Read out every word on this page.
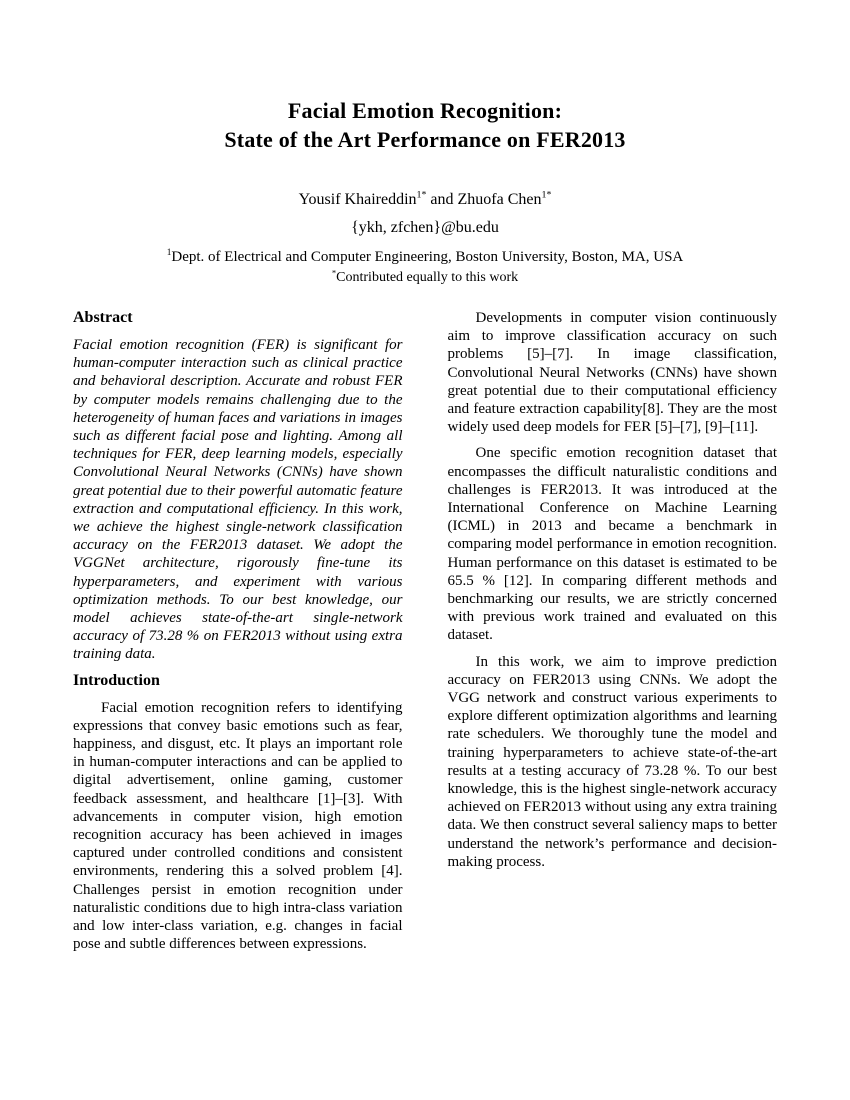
Facial Emotion Recognition:
State of the Art Performance on FER2013
Yousif Khaireddin$^{1*}$ and Zhuofa Chen$^{1*}$
{ykh, zfchen}@bu.edu
$^1$Dept. of Electrical and Computer Engineering, Boston University, Boston, MA, USA
*Contributed equally to this work
Abstract

Facial emotion recognition (FER) is significant for human-computer interaction such as clinical practice and behavioral description. Accurate and robust FER by computer models remains challenging due to the heterogeneity of human faces and variations in images such as different facial pose and lighting. Among all techniques for FER, deep learning models, especially Convolutional Neural Networks (CNNs) have shown great potential due to their powerful automatic feature extraction and computational efficiency. In this work, we achieve the highest single-network classification accuracy on the FER2013 dataset. We adopt the VGGNet architecture, rigorously fine-tune its hyperparameters, and experiment with various optimization methods. To our best knowledge, our model achieves state-of-the-art single-network accuracy of 73.28 % on FER2013 without using extra training data.

Introduction

Facial emotion recognition refers to identifying expressions that convey basic emotions such as fear, happiness, and disgust, etc. It plays an important role in human-computer interactions and can be applied to digital advertisement, online gaming, customer feedback assessment, and healthcare [1]–[3]. With advancements in computer vision, high emotion recognition accuracy has been achieved in images captured under controlled conditions and consistent environments, rendering this a solved problem [4]. Challenges persist in emotion recognition under naturalistic conditions due to high intra-class variation and low inter-class variation, e.g. changes in facial pose and subtle differences between expressions.

Developments in computer vision continuously aim to improve classification accuracy on such problems [5]–[7]. In image classification, Convolutional Neural Networks (CNNs) have shown great potential due to their computational efficiency and feature extraction capability[8]. They are the most widely used deep models for FER [5]–[7], [9]–[11].

One specific emotion recognition dataset that encompasses the difficult naturalistic conditions and challenges is FER2013. It was introduced at the International Conference on Machine Learning (ICML) in 2013 and became a benchmark in comparing model performance in emotion recognition. Human performance on this dataset is estimated to be 65.5 % [12]. In comparing different methods and benchmarking our results, we are strictly concerned with previous work trained and evaluated on this dataset.

In this work, we aim to improve prediction accuracy on FER2013 using CNNs. We adopt the VGG network and construct various experiments to explore different optimization algorithms and learning rate schedulers. We thoroughly tune the model and training hyperparameters to achieve state-of-the-art results at a testing accuracy of 73.28 %. To our best knowledge, this is the highest single-network accuracy achieved on FER2013 without using any extra training data. We then construct several saliency maps to better understand the network’s performance and decision-making process.
